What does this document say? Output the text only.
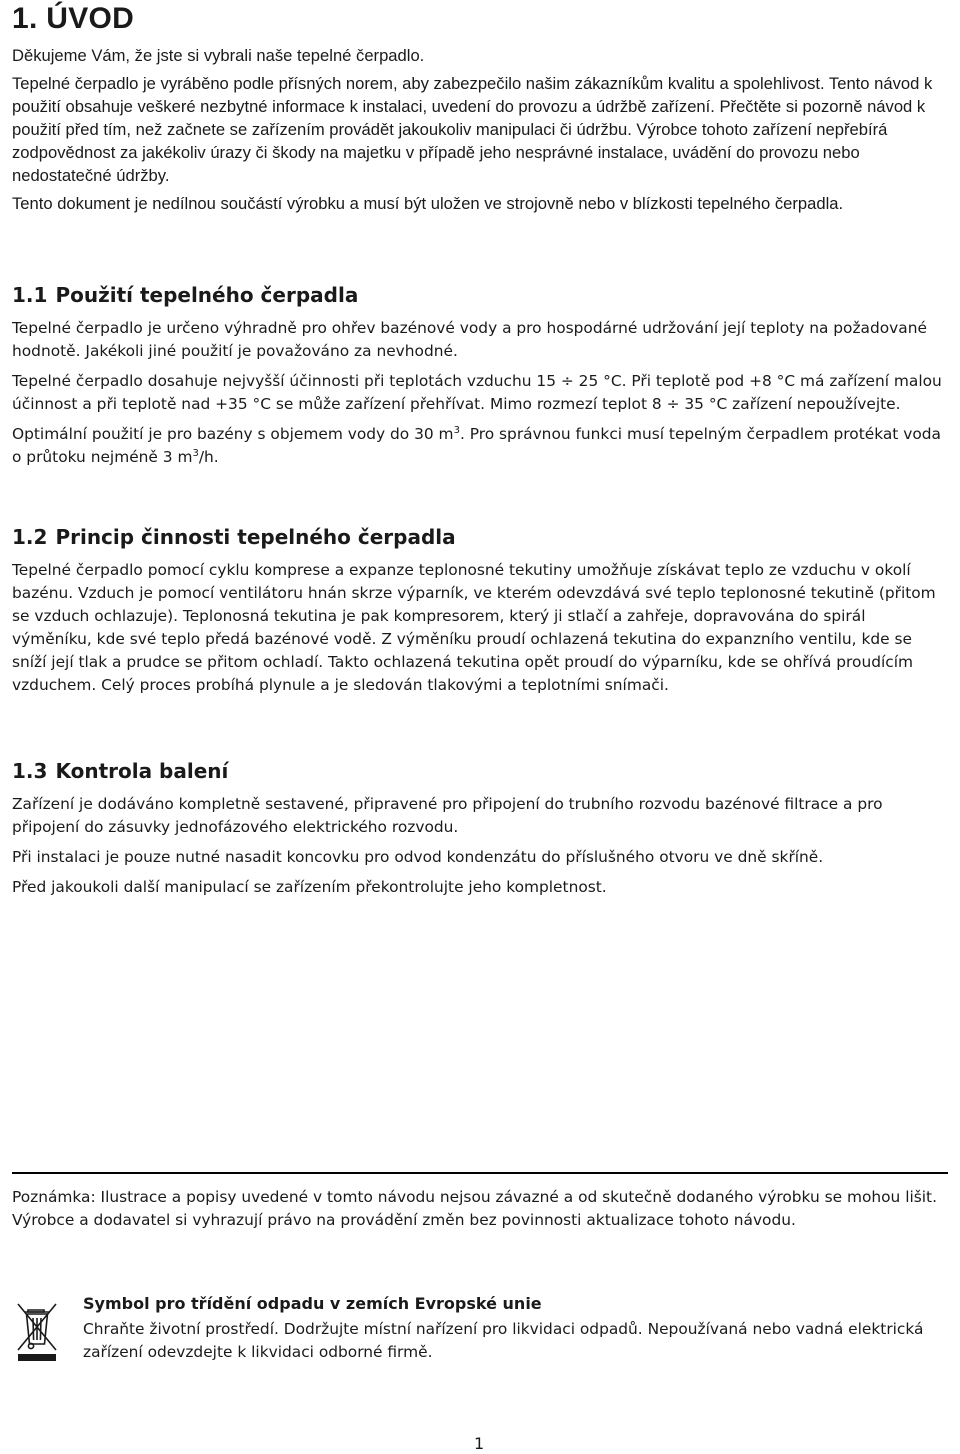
1. ÚVOD

Děkujeme Vám, že jste si vybrali naše tepelné čerpadlo.

Tepelné čerpadlo je vyráběno podle přísných norem, aby zabezpečilo našim zákazníkům kvalitu a spolehlivost. Tento návod k použití obsahuje veškeré nezbytné informace k instalaci, uvedení do provozu a údržbě zařízení. Přečtěte si pozorně návod k použití před tím, než začnete se zařízením provádět jakoukoliv manipulaci či údržbu. Výrobce tohoto zařízení nepřebírá zodpovědnost za jakékoliv úrazy či škody na majetku v případě jeho nesprávné instalace, uvádění do provozu nebo nedostatečné údržby.

Tento dokument je nedílnou součástí výrobku a musí být uložen ve strojovně nebo v blízkosti tepelného čerpadla.

1.1 Použití tepelného čerpadla

Tepelné čerpadlo je určeno výhradně pro ohřev bazénové vody a pro hospodárné udržování její teploty na požadované hodnotě. Jakékoli jiné použití je považováno za nevhodné.

Tepelné čerpadlo dosahuje nejvyšší účinnosti při teplotách vzduchu 15 ÷ 25 °C. Při teplotě pod +8 °C má zařízení malou účinnost a při teplotě nad +35 °C se může zařízení přehřívat. Mimo rozmezí teplot 8 ÷ 35 °C zařízení nepoužívejte.

Optimální použití je pro bazény s objemem vody do 30 $m^3$. Pro správnou funkci musí tepelným čerpadlem protékat voda o průtoku nejméně 3 $m^3/h$.

1.2 Princip činnosti tepelného čerpadla

Tepelné čerpadlo pomocí cyklu komprese a expanze teplonosné tekutiny umožňuje získávat teplo ze vzduchu v okolí bazénu. Vzduch je pomocí ventilátoru hnán skrze výparník, ve kterém odevzdává své teplo teplonosné tekutině (přitom se vzduch ochlazuje). Teplonosná tekutina je pak kompresorem, který ji stlačí a zahřeje, dopravována do spirál výměníku, kde své teplo předá bazénové vodě. Z výměníku proudí ochlazená tekutina do expanzního ventilu, kde se sníží její tlak a prudce se přitom ochladí. Takto ochlazená tekutina opět proudí do výparníku, kde se ohřívá proudícím vzduchem. Celý proces probíhá plynule a je sledován tlakovými a teplotními snímači.

1.3 Kontrola balení

Zařízení je dodáváno kompletně sestavené, připravené pro připojení do trubního rozvodu bazénové filtrace a pro připojení do zásuvky jednofázového elektrického rozvodu.

Při instalaci je pouze nutné nasadit koncovku pro odvod kondenzátu do příslušného otvoru ve dně skříně.

Před jakoukoli další manipulací se zařízením překontrolujte jeho kompletnost.

Poznámka: Ilustrace a popisy uvedené v tomto návodu nejsou závazné a od skutečně dodaného výrobku se mohou lišit. Výrobce a dodavatel si vyhrazují právo na provádění změn bez povinnosti aktualizace tohoto návodu.

Symbol pro třídění odpadu v zemích Evropské unie

Chraňte životní prostředí. Dodržujte místní nařízení pro likvidaci odpadů. Nepoužívaná nebo vadná elektrická zařízení odevzdejte k likvidaci odborné firmě.

1
